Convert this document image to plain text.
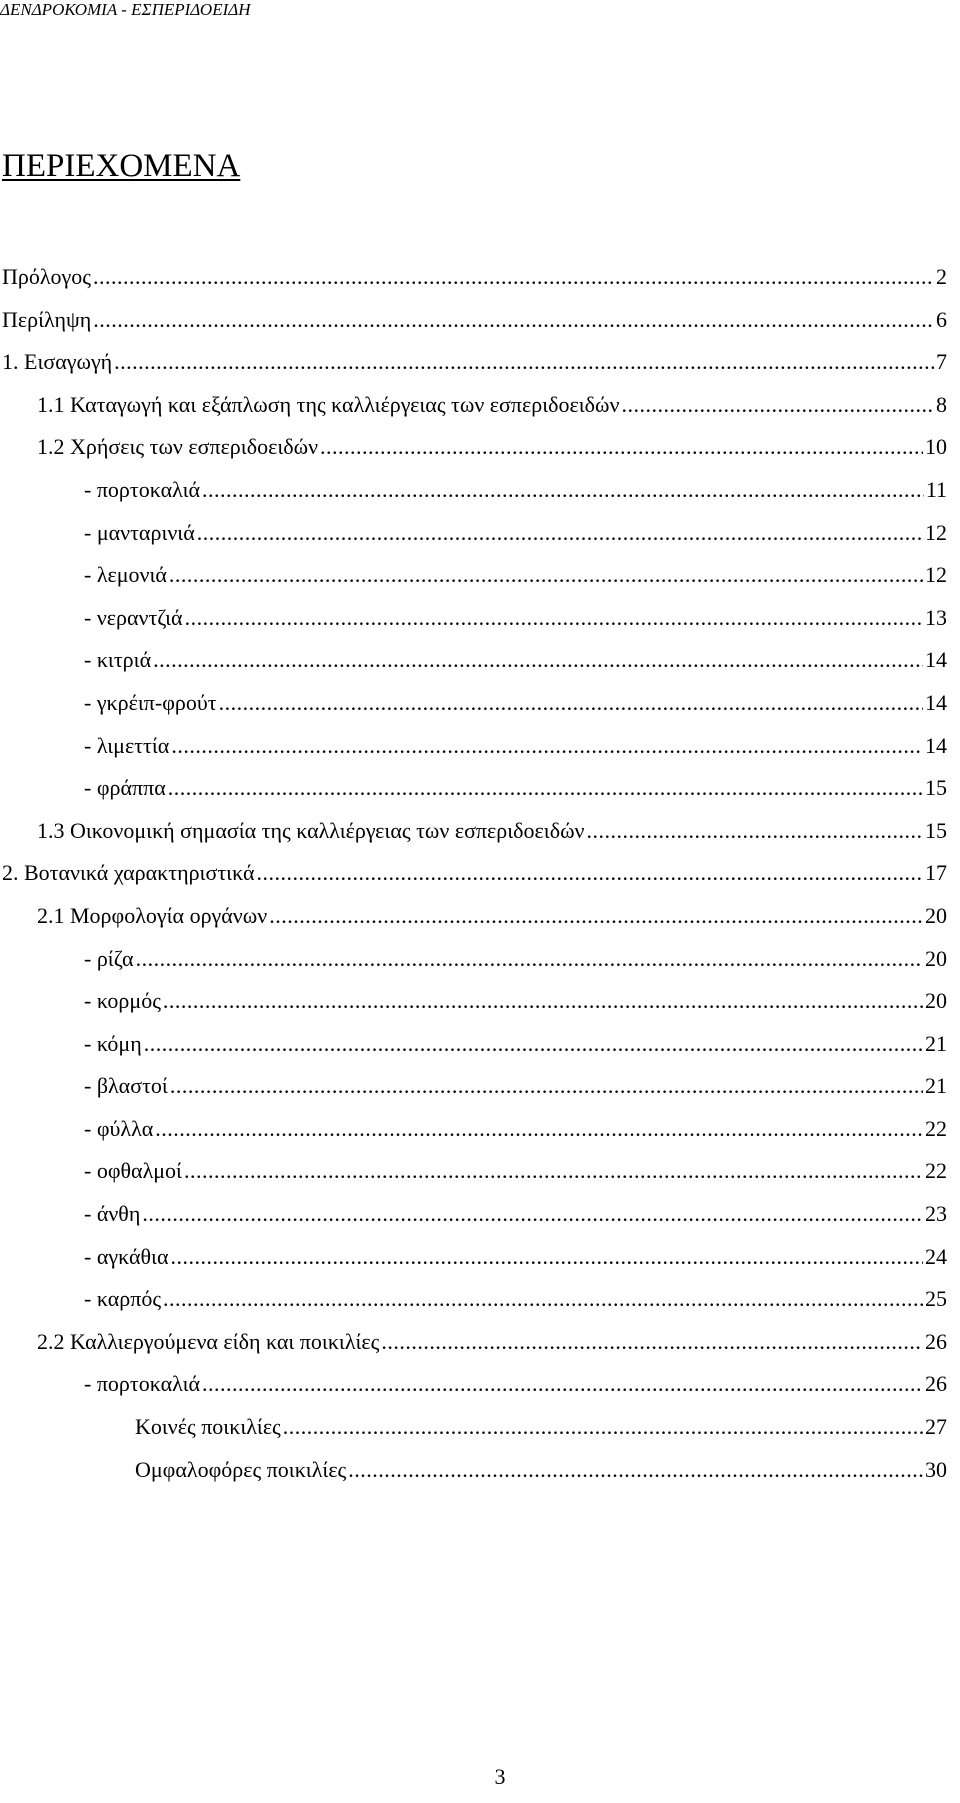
ΔΕΝΔΡΟΚΟΜΙΑ - ΕΣΠΕΡΙΔΟΕΙΔΗ
ΠΕΡΙΕΧΟΜΕΝΑ
Πρόλογος .....	2
Περίληψη .....	6
1. Εισαγωγή .....	7
1.1 Καταγωγή και εξάπλωση της καλλιέργειας των εσπεριδοειδών .....	8
1.2 Χρήσεις των εσπεριδοειδών .....	10
- πορτοκαλιά .....	11
- μανταρινιά .....	12
- λεμονιά .....	12
- νεραντζιά .....	13
- κιτριά .....	14
- γκρέιπ-φρούτ .....	14
- λιμεττία .....	14
- φράππα .....	15
1.3 Οικονομική σημασία της καλλιέργειας των εσπεριδοειδών .....	15
2. Βοτανικά χαρακτηριστικά .....	17
2.1 Μορφολογία οργάνων .....	20
- ρίζα .....	20
- κορμός .....	20
- κόμη .....	21
- βλαστοί .....	21
- φύλλα .....	22
- οφθαλμοί .....	22
- άνθη .....	23
- αγκάθια .....	24
- καρπός .....	25
2.2 Καλλιεργούμενα είδη και ποικιλίες .....	26
- πορτοκαλιά .....	26
Κοινές ποικιλίες .....	27
Ομφαλοφόρες ποικιλίες .....	30
3
